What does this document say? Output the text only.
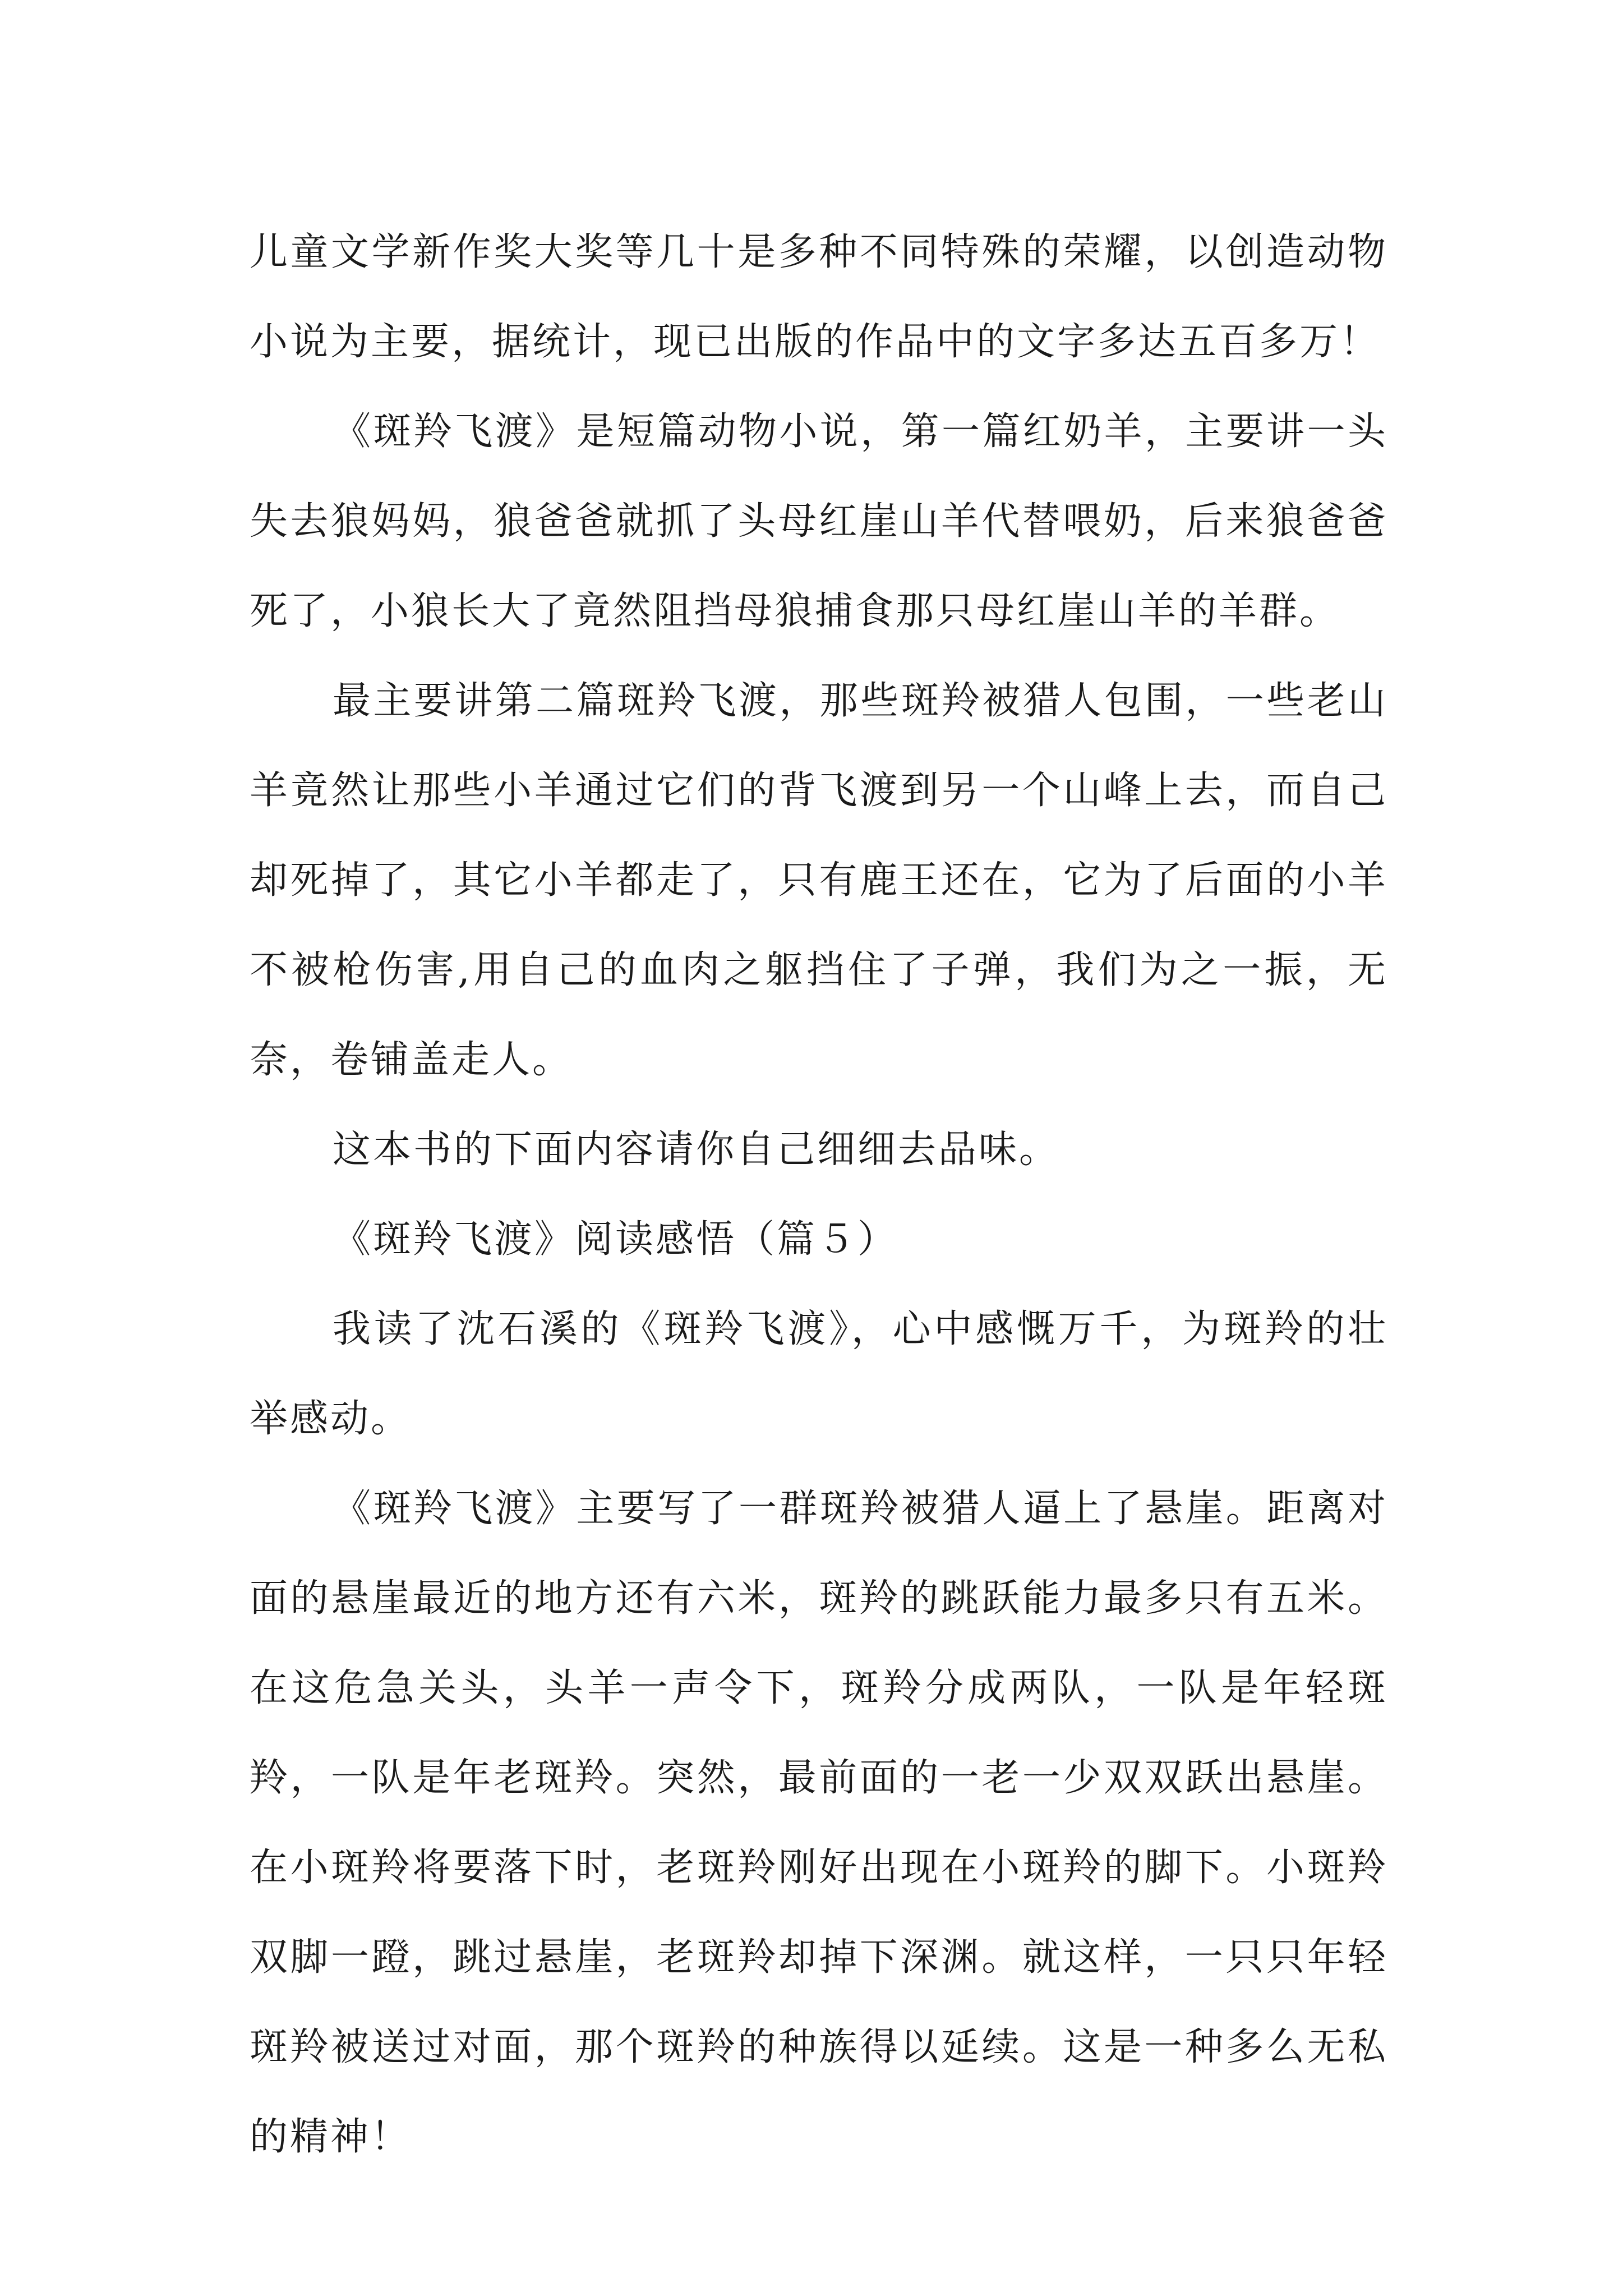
儿童文学新作奖大奖等几十是多种不同特殊的荣耀，以创造动物小说为主要，据统计，现已出版的作品中的文字多达五百多万！

《斑羚飞渡》是短篇动物小说，第一篇红奶羊，主要讲一头失去狼妈妈，狼爸爸就抓了头母红崖山羊代替喂奶，后来狼爸爸死了，小狼长大了竟然阻挡母狼捕食那只母红崖山羊的羊群。

最主要讲第二篇斑羚飞渡，那些斑羚被猎人包围，一些老山羊竟然让那些小羊通过它们的背飞渡到另一个山峰上去，而自己却死掉了，其它小羊都走了，只有鹿王还在，它为了后面的小羊不被枪伤害,用自己的血肉之躯挡住了子弹，我们为之一振，无奈，卷铺盖走人。

这本书的下面内容请你自己细细去品味。

《斑羚飞渡》阅读感悟（篇５）

我读了沈石溪的《斑羚飞渡》，心中感慨万千，为斑羚的壮举感动。

《斑羚飞渡》主要写了一群斑羚被猎人逼上了悬崖。距离对面的悬崖最近的地方还有六米，斑羚的跳跃能力最多只有五米。在这危急关头，头羊一声令下，斑羚分成两队，一队是年轻斑羚，一队是年老斑羚。突然，最前面的一老一少双双跃出悬崖。在小斑羚将要落下时，老斑羚刚好出现在小斑羚的脚下。小斑羚双脚一蹬，跳过悬崖，老斑羚却掉下深渊。就这样，一只只年轻斑羚被送过对面，那个斑羚的种族得以延续。这是一种多么无私的精神！
